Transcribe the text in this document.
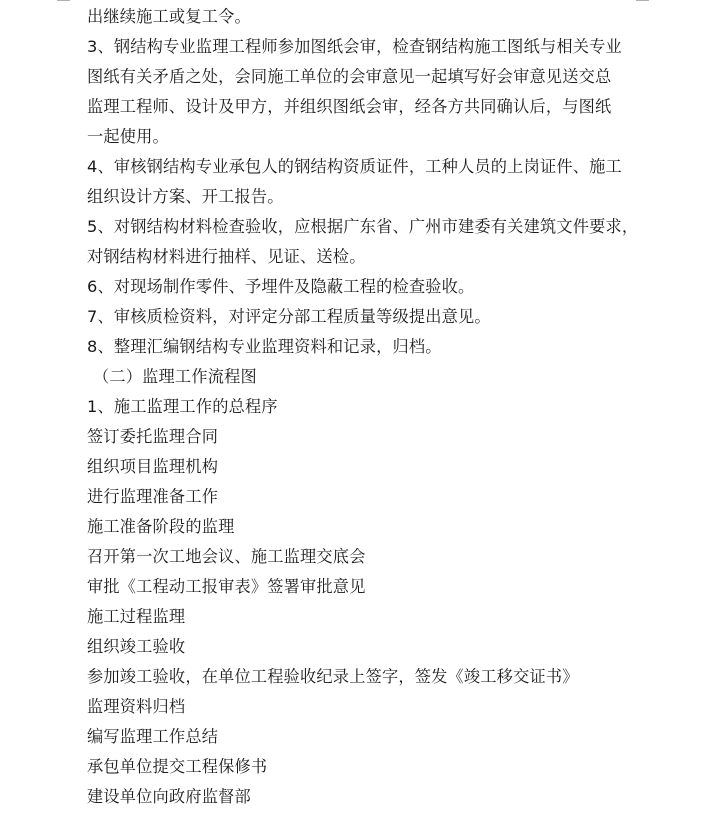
出继续施工或复工令。
3、钢结构专业监理工程师参加图纸会审，检查钢结构施工图纸与相关专业
图纸有关矛盾之处，会同施工单位的会审意见一起填写好会审意见送交总
监理工程师、设计及甲方，并组织图纸会审，经各方共同确认后，与图纸
一起使用。
4、审核钢结构专业承包人的钢结构资质证件，工种人员的上岗证件、施工
组织设计方案、开工报告。
5、对钢结构材料检查验收，应根据广东省、广州市建委有关建筑文件要求，
对钢结构材料进行抽样、见证、送检。
6、对现场制作零件、予埋件及隐蔽工程的检查验收。
7、审核质检资料，对评定分部工程质量等级提出意见。
8、整理汇编钢结构专业监理资料和记录，归档。
（二）监理工作流程图
1、施工监理工作的总程序
签订委托监理合同
组织项目监理机构
进行监理准备工作
施工准备阶段的监理
召开第一次工地会议、施工监理交底会
审批《工程动工报审表》签署审批意见
施工过程监理
组织竣工验收
参加竣工验收，在单位工程验收纪录上签字，签发《竣工移交证书》
监理资料归档
编写监理工作总结
承包单位提交工程保修书
建设单位向政府监督部
